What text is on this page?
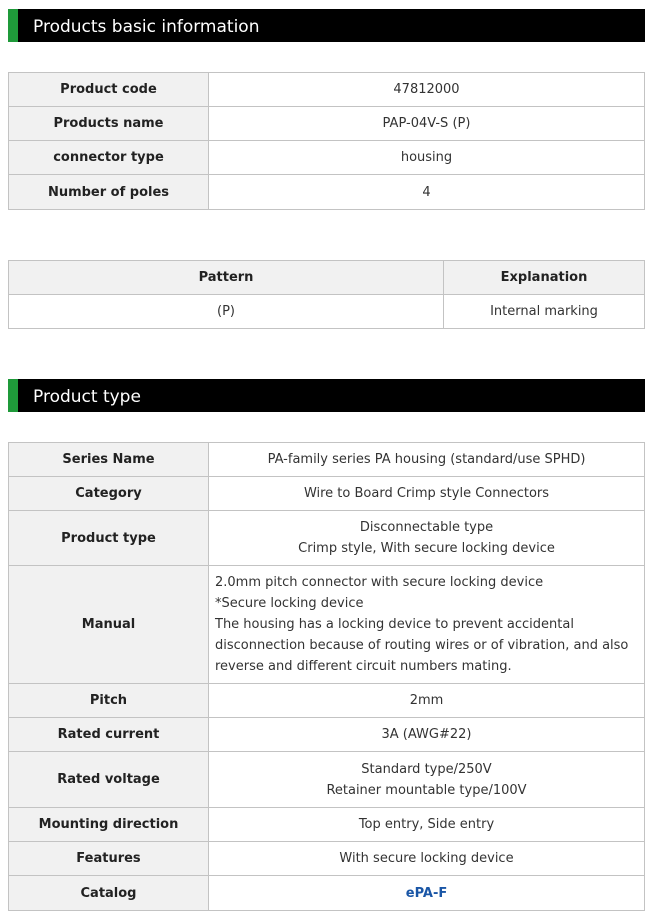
Products basic information
Product code	47812000
Products name	PAP-04V-S (P)
connector type	housing
Number of poles	4
Pattern	Explanation
(P)	Internal marking
Product type
Series Name	PA-family series PA housing (standard/use SPHD)
Category	Wire to Board Crimp style Connectors
Product type	Disconnectable type
Crimp style, With secure locking device

Manual	2.0mm pitch connector with secure locking device
*Secure locking device
The housing has a locking device to prevent accidental
disconnection because of routing wires or of vibration, and also
reverse and different circuit numbers mating.

Pitch	2mm
Rated current	3A (AWG#22)
Rated voltage	Standard type/250V
Retainer mountable type/100V

Mounting direction	Top entry, Side entry
Features	With secure locking device
Catalog	ePA-F
